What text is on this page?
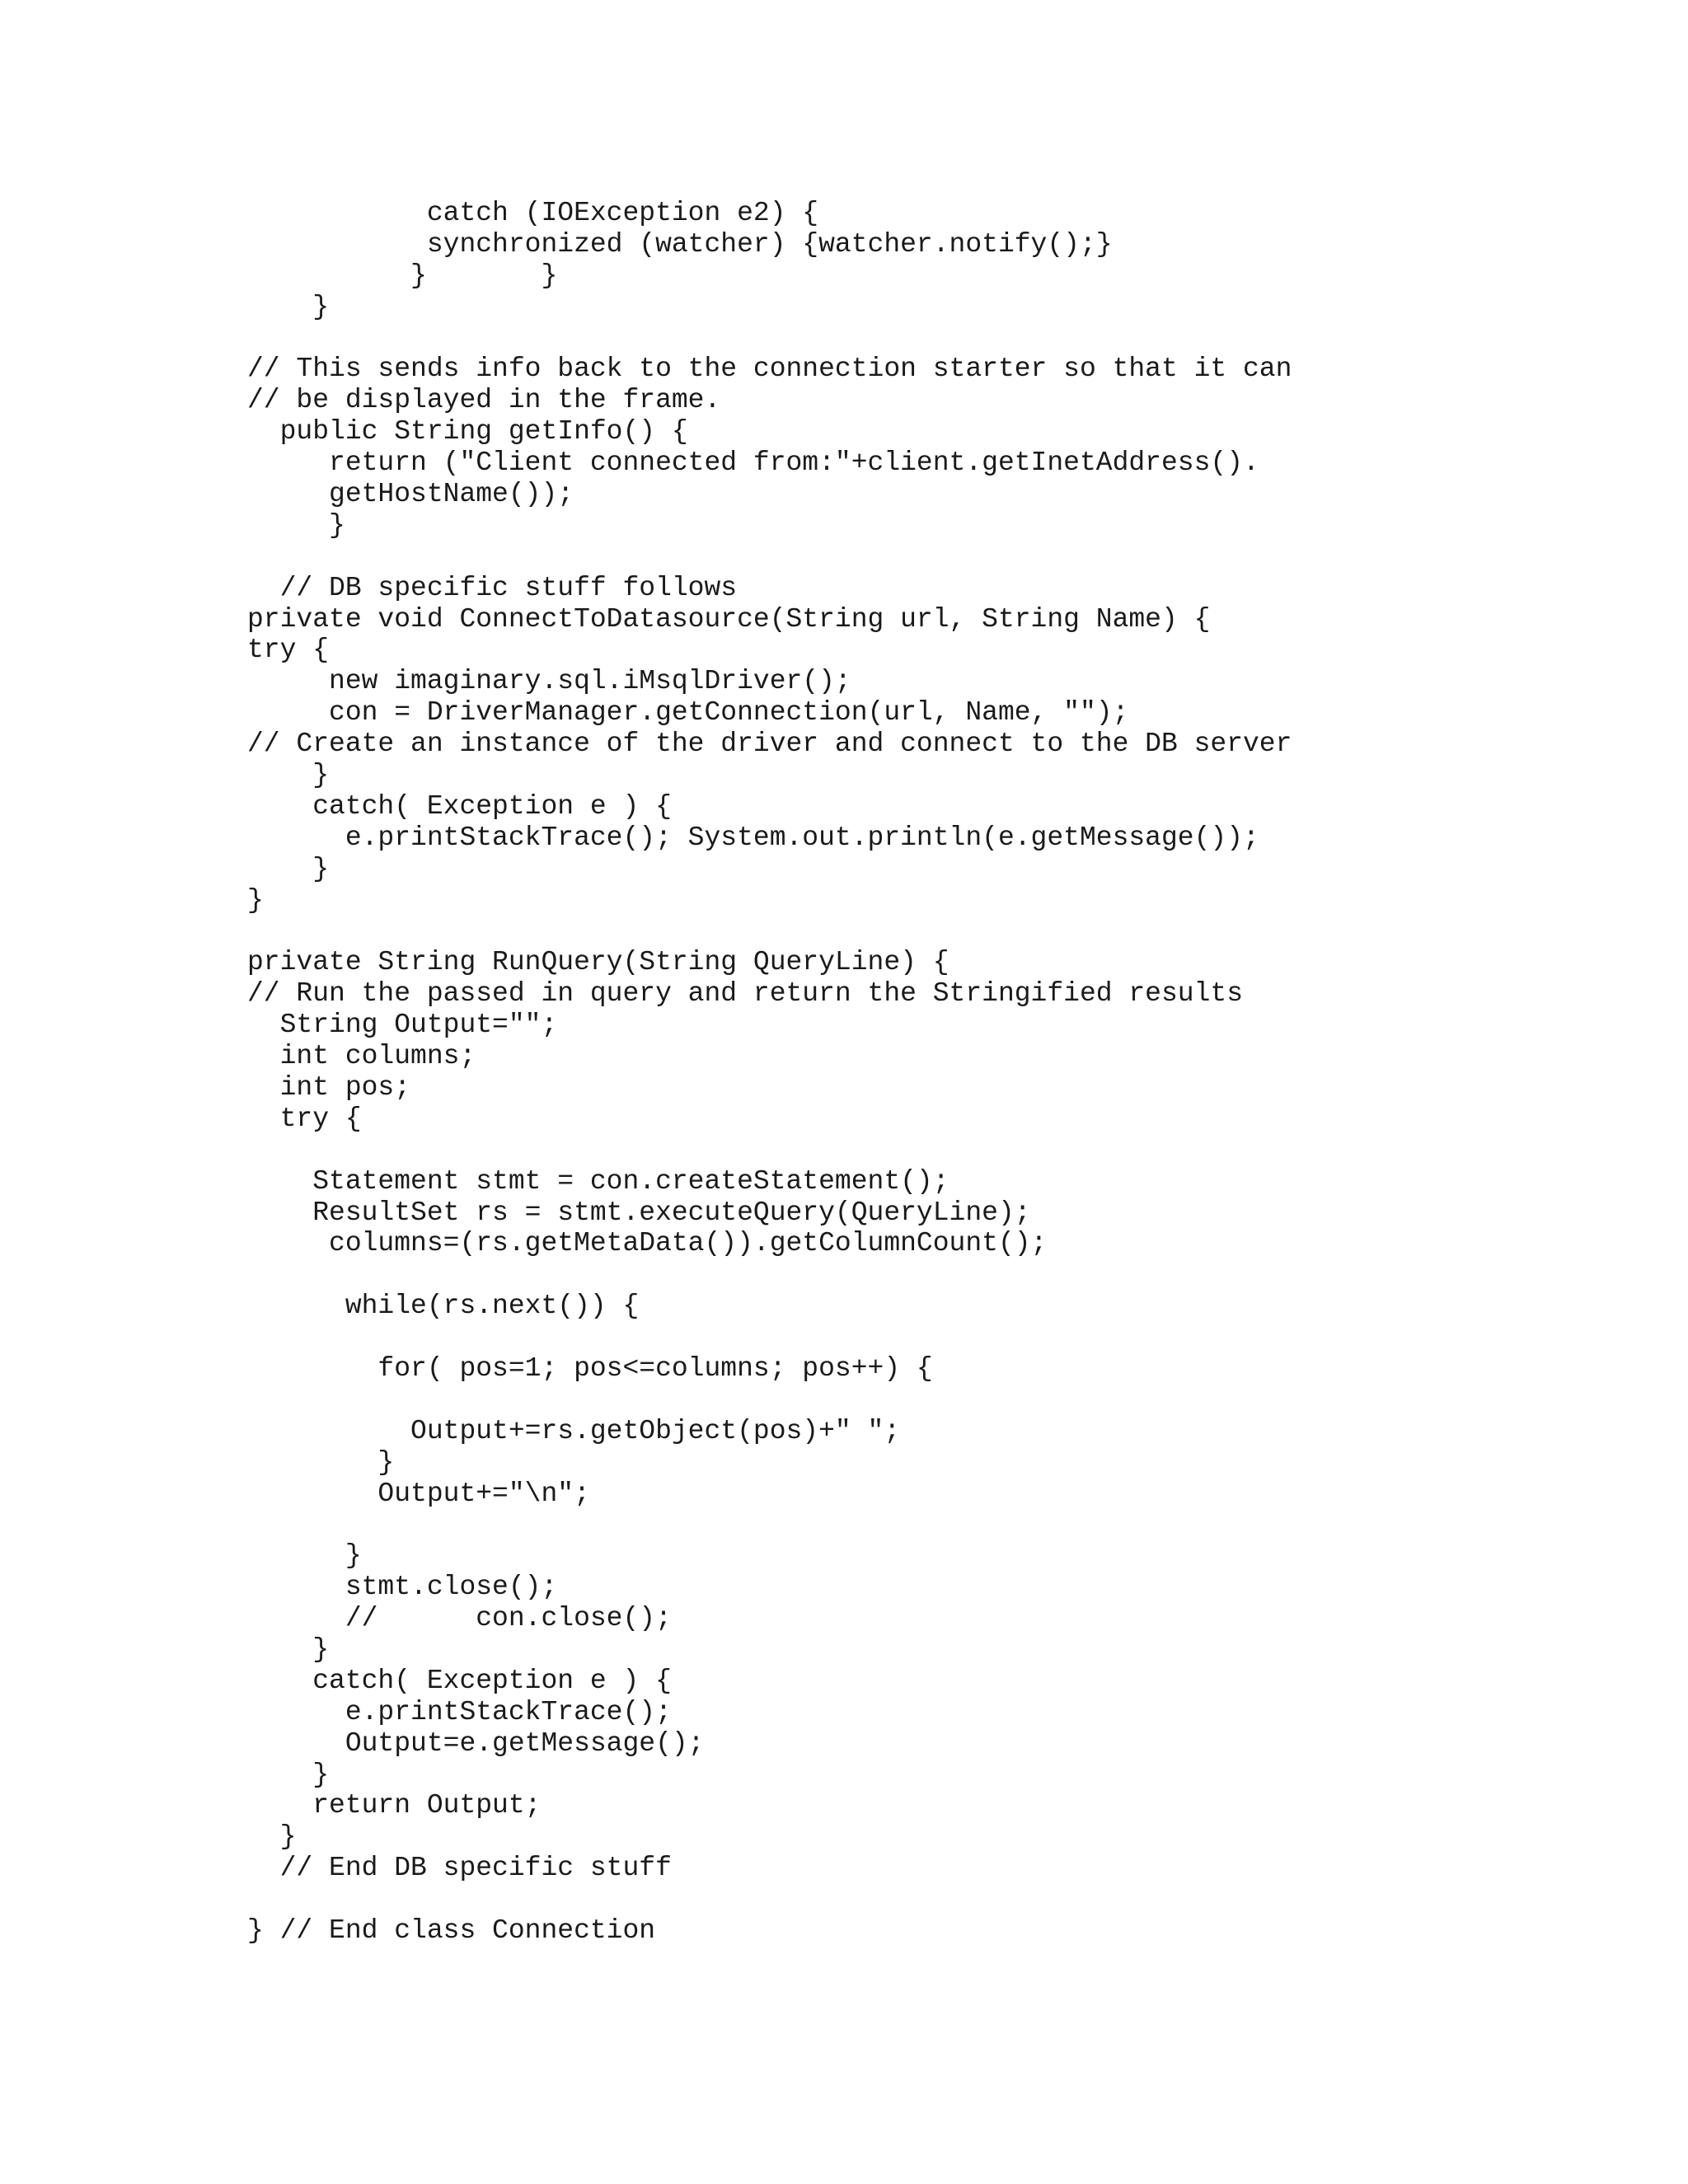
catch (IOException e2) {
synchronized (watcher) {watcher.notify();}
}       }
}
// This sends info back to the connection starter so that it can
// be displayed in the frame.
public String getInfo() {
return ("Client connected from:"+client.getInetAddress().
getHostName());
}
// DB specific stuff follows
private void ConnectToDatasource(String url, String Name) {
try {
new imaginary.sql.iMsqlDriver();
con = DriverManager.getConnection(url, Name, "");
// Create an instance of the driver and connect to the DB server
}
catch( Exception e ) {
e.printStackTrace(); System.out.println(e.getMessage());
}
}
private String RunQuery(String QueryLine) {
// Run the passed in query and return the Stringified results
String Output="";
int columns;
int pos;
try {
Statement stmt = con.createStatement();
ResultSet rs = stmt.executeQuery(QueryLine);
columns=(rs.getMetaData()).getColumnCount();
while(rs.next()) {
for( pos=1; pos<=columns; pos++) {
Output+=rs.getObject(pos)+" ";
}
Output+="\n";
}
stmt.close();
//      con.close();
}
catch( Exception e ) {
e.printStackTrace();
Output=e.getMessage();
}
return Output;
}
// End DB specific stuff
} // End class Connection
